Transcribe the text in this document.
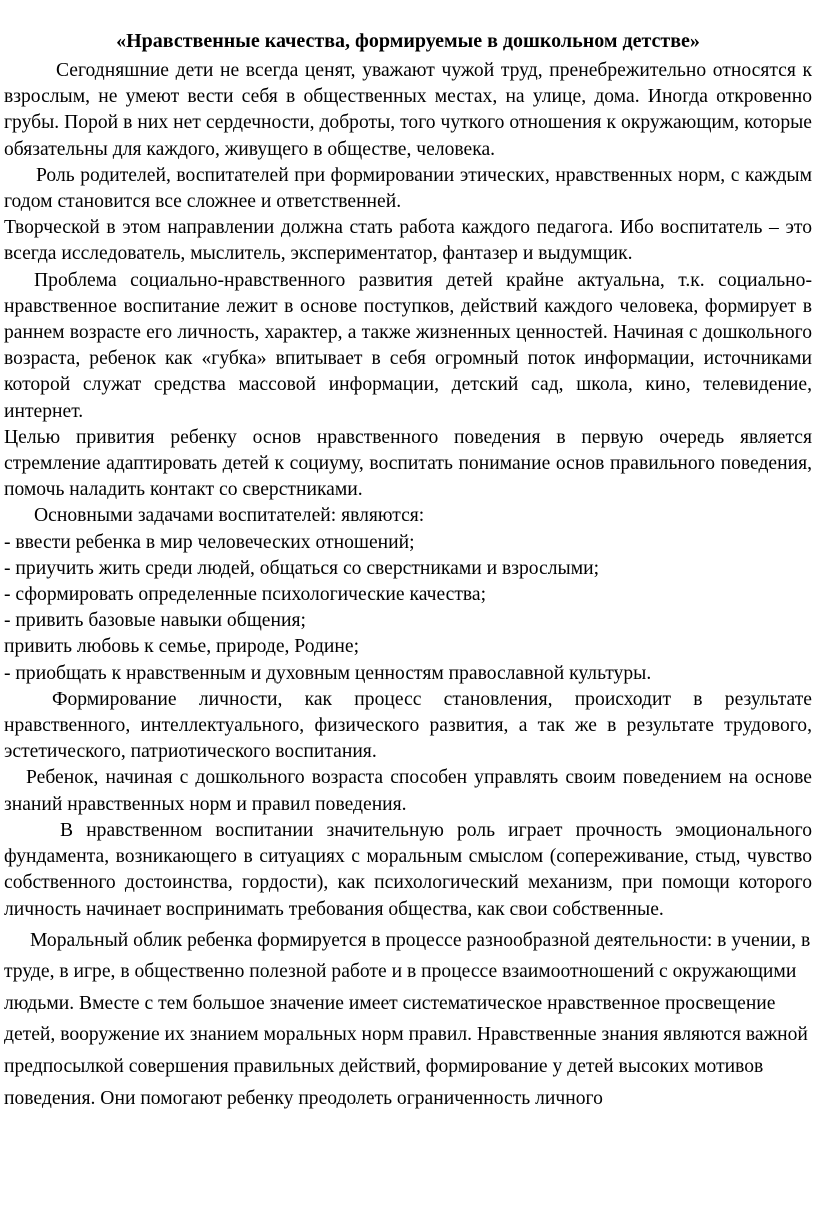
«Нравственные качества, формируемые в дошкольном детстве»

Сегодняшние дети не всегда ценят, уважают чужой труд, пренебрежительно относятся к взрослым, не умеют вести себя в общественных местах, на улице, дома. Иногда откровенно грубы. Порой в них нет сердечности, доброты, того чуткого отношения к окружающим, которые обязательны для каждого, живущего в обществе, человека.

Роль родителей, воспитателей при формировании этических, нравственных норм, с каждым годом становится все сложнее и ответственней.

Творческой в этом направлении должна стать работа каждого педагога. Ибо воспитатель – это всегда исследователь, мыслитель, экспериментатор, фантазер и выдумщик.

Проблема социально-нравственного развития детей крайне актуальна, т.к. социально-нравственное воспитание лежит в основе поступков, действий каждого человека, формирует в раннем возрасте его личность, характер, а также жизненных ценностей. Начиная с дошкольного возраста, ребенок как «губка» впитывает в себя огромный поток информации, источниками которой служат средства массовой информации, детский сад, школа, кино, телевидение, интернет.

Целью привития ребенку основ нравственного поведения в первую очередь является стремление адаптировать детей к социуму, воспитать понимание основ правильного поведения, помочь наладить контакт со сверстниками.

Основными задачами воспитателей: являются:

- ввести ребенка в мир человеческих отношений;

- приучить жить среди людей, общаться со сверстниками и взрослыми;

- сформировать определенные психологические качества;

- привить базовые навыки общения;

привить любовь к семье, природе, Родине;

- приобщать к нравственным и духовным ценностям православной культуры.

Формирование личности, как процесс становления, происходит в результате нравственного, интеллектуального, физического развития, а так же в результате трудового, эстетического, патриотического воспитания.

Ребенок, начиная с дошкольного возраста способен управлять своим поведением на основе знаний нравственных норм и правил поведения.

В нравственном воспитании значительную роль играет прочность эмоционального фундамента, возникающего в ситуациях с моральным смыслом (сопереживание, стыд, чувство собственного достоинства, гордости), как психологический механизм, при помощи которого личность начинает воспринимать требования общества, как свои собственные.

Моральный облик ребенка формируется в процессе разнообразной деятельности: в учении, в труде, в игре, в общественно полезной работе и в процессе взаимоотношений с окружающими людьми. Вместе с тем большое значение имеет систематическое нравственное просвещение детей, вооружение их знанием моральных норм правил. Нравственные знания являются важной предпосылкой совершения правильных действий, формирование у детей высоких мотивов поведения. Они помогают ребенку преодолеть ограниченность личного
